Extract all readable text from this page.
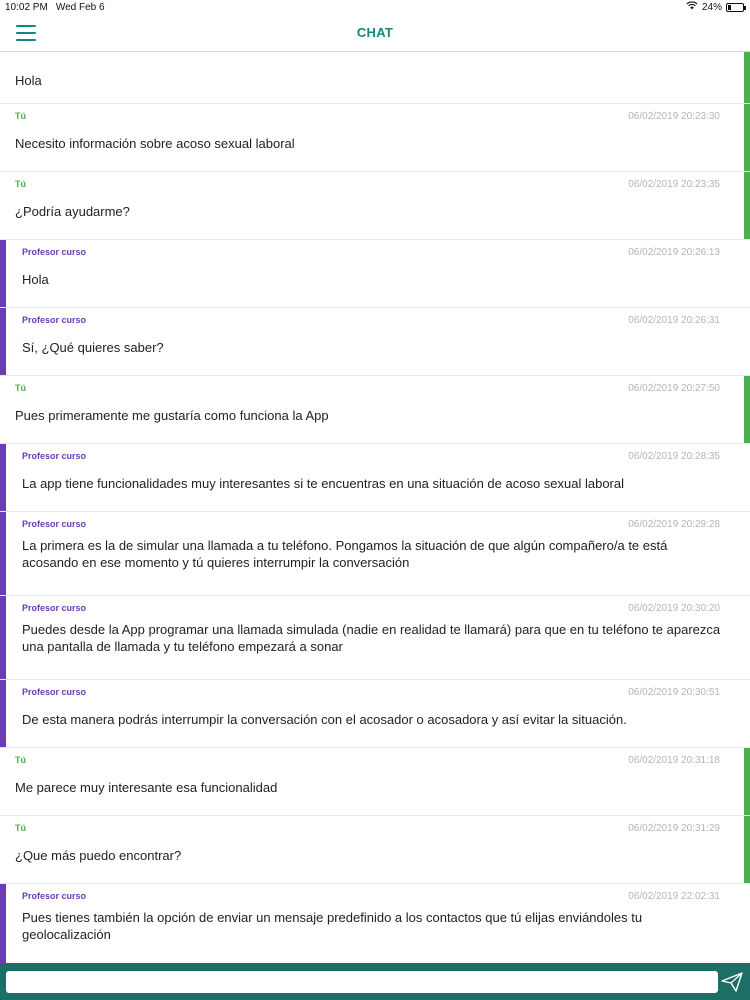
10:02 PM Wed Feb 6	24%
CHAT
Hola
Tú	06/02/2019 20:23:30
Necesito información sobre acoso sexual laboral
Tú	06/02/2019 20:23:35
¿Podría ayudarme?
Profesor curso	06/02/2019 20:26:13
Hola
Profesor curso	06/02/2019 20:26:31
Sí, ¿Qué quieres saber?
Tú	06/02/2019 20:27:50
Pues primeramente me gustaría como funciona la App
Profesor curso	06/02/2019 20:28:35
La app tiene funcionalidades muy interesantes si te encuentras en una situación de acoso sexual laboral
Profesor curso	06/02/2019 20:29:28
La primera es la de simular una llamada a tu teléfono. Pongamos la situación de que algún compañero/a te está acosando en ese momento y tú quieres interrumpir la conversación
Profesor curso	06/02/2019 20:30:20
Puedes desde la App programar una llamada simulada (nadie en realidad te llamará) para que en tu teléfono te aparezca una pantalla de llamada y tu teléfono empezará a sonar
Profesor curso	06/02/2019 20:30:51
De esta manera podrás interrumpir la conversación con el acosador o acosadora y así evitar la situación.
Tú	06/02/2019 20:31:18
Me parece muy interesante esa funcionalidad
Tú	06/02/2019 20:31:29
¿Que más puedo encontrar?
Profesor curso	06/02/2019 22:02:31
Pues tienes también la opción de enviar un mensaje predefinido a los contactos que tú elijas enviándoles tu geolocalización
